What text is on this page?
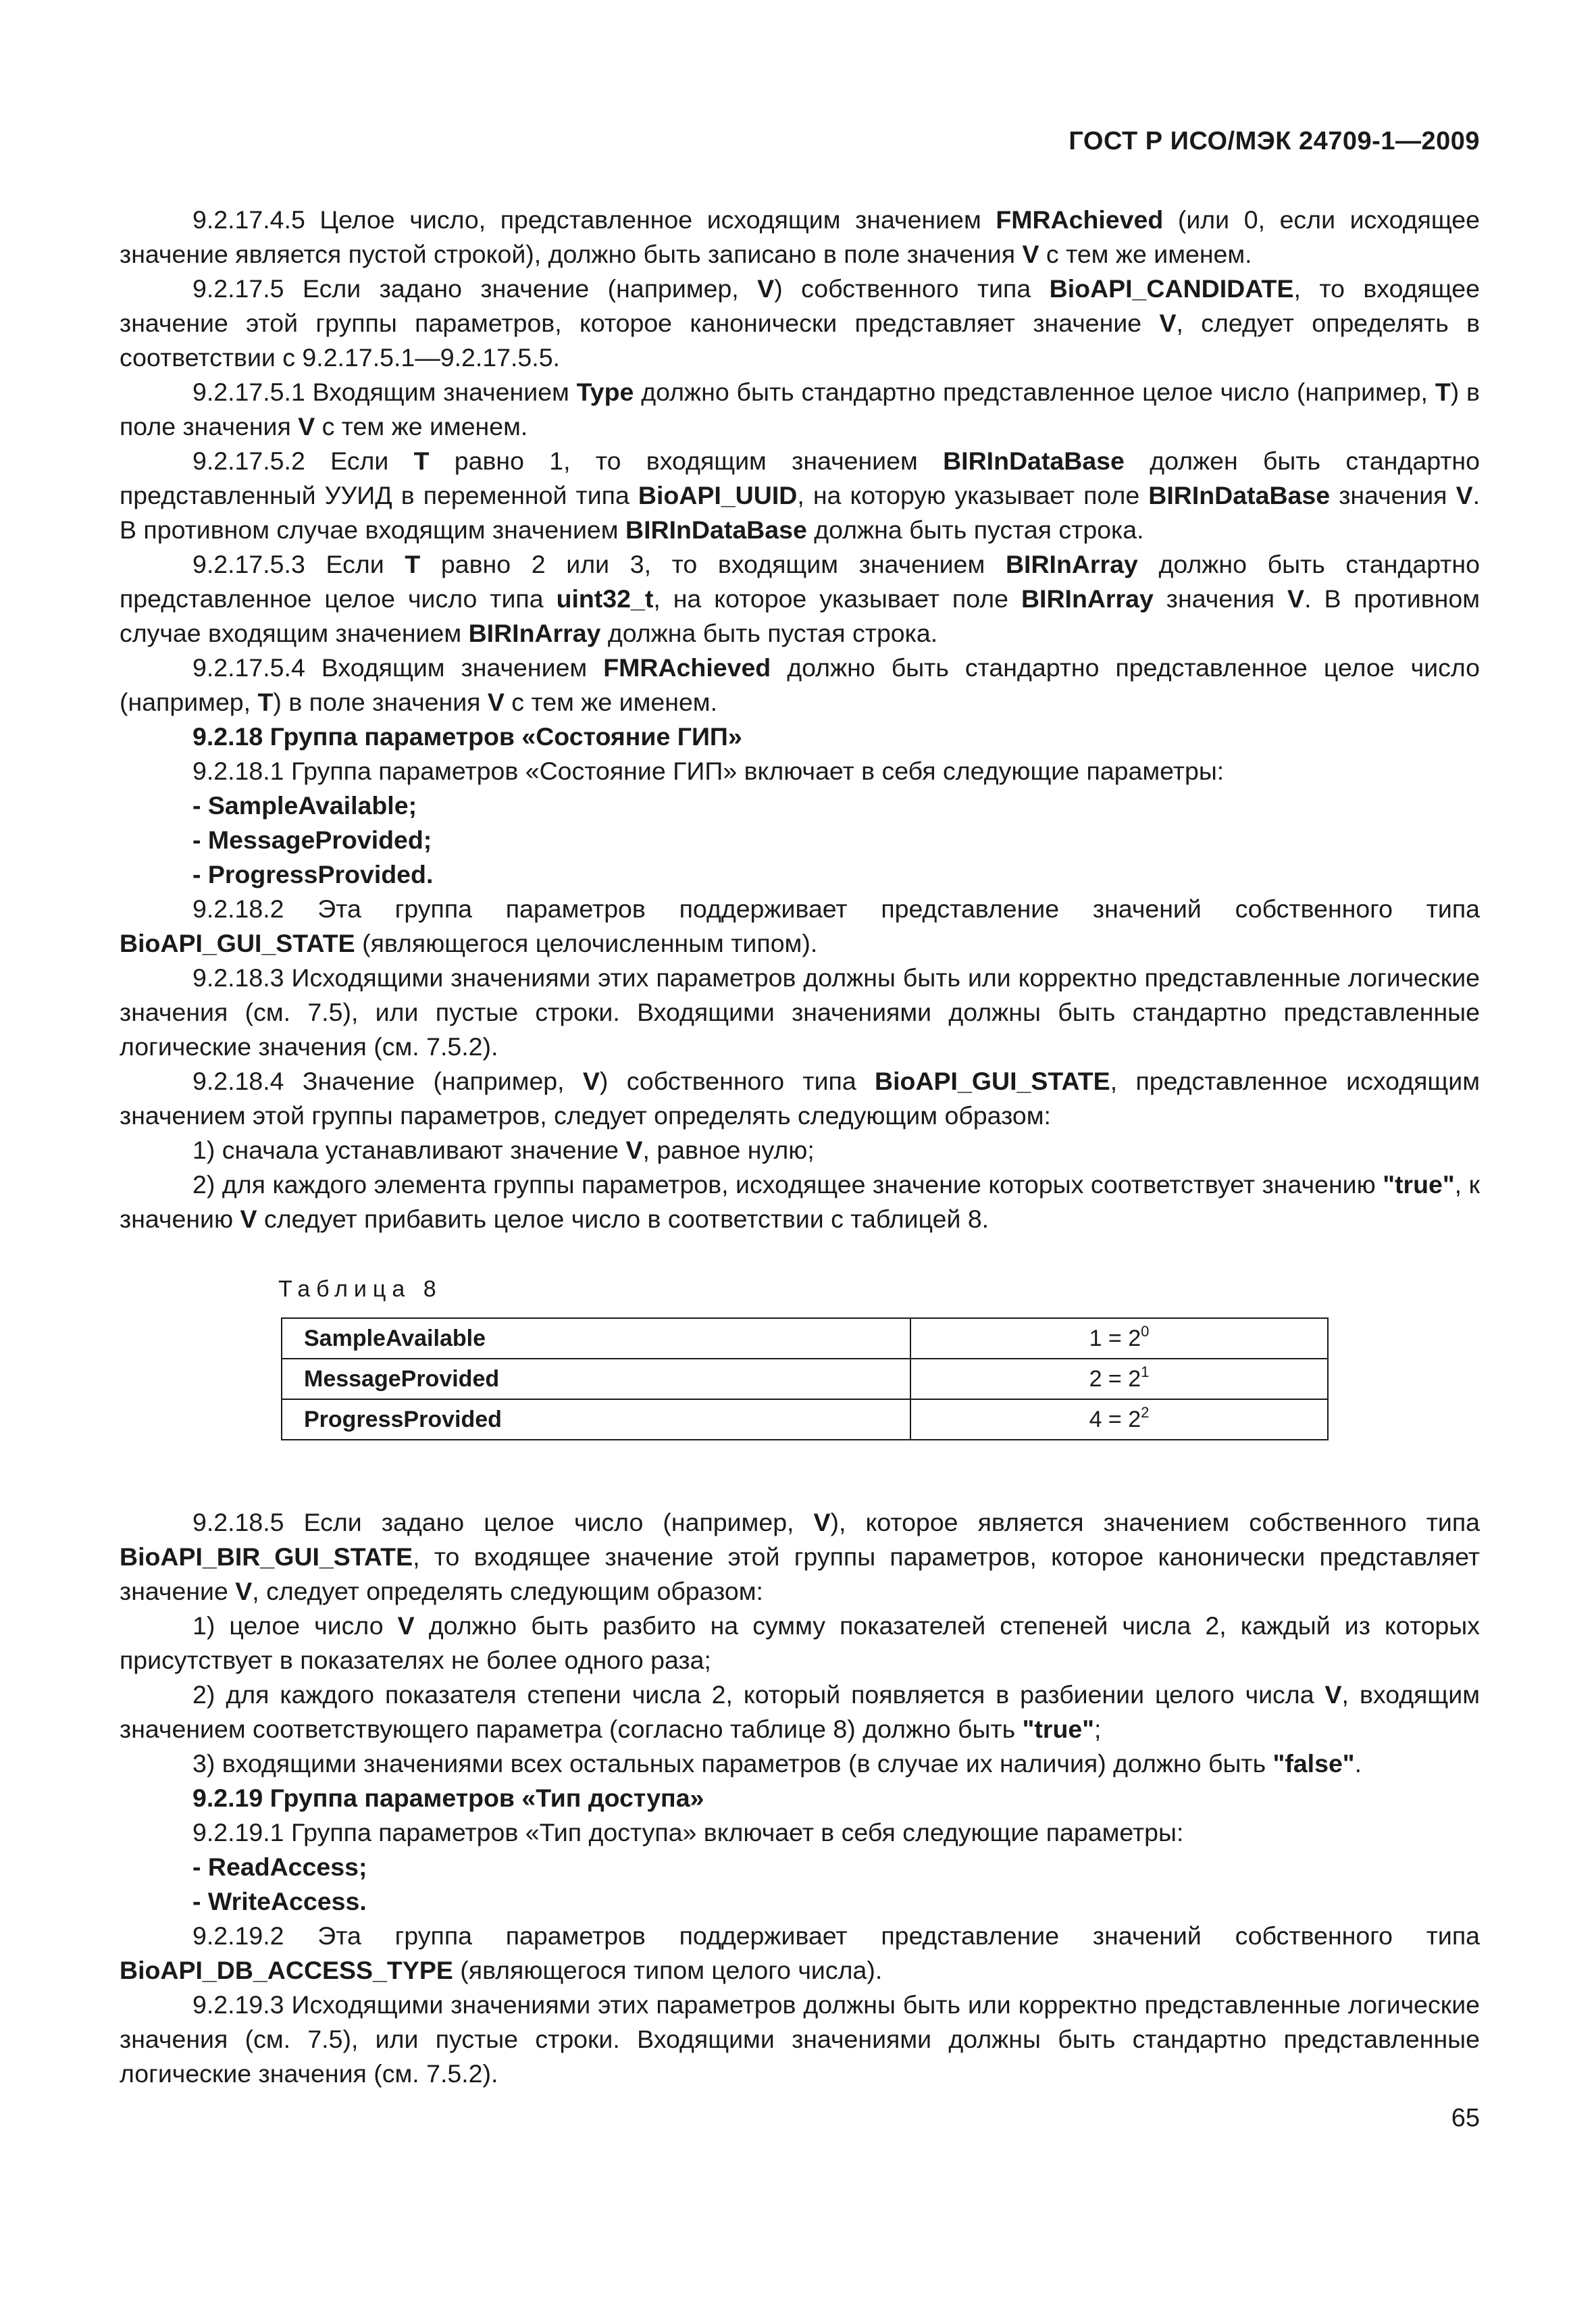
ГОСТ Р ИСО/МЭК 24709-1—2009

9.2.17.4.5 Целое число, представленное исходящим значением FMRAchieved (или 0, если исходящее значение является пустой строкой), должно быть записано в поле значения V с тем же именем.

9.2.17.5 Если задано значение (например, V) собственного типа BioAPI_CANDIDATE, то входящее значение этой группы параметров, которое канонически представляет значение V, следует определять в соответствии с 9.2.17.5.1—9.2.17.5.5.

9.2.17.5.1 Входящим значением Type должно быть стандартно представленное целое число (например, T) в поле значения V с тем же именем.

9.2.17.5.2 Если T равно 1, то входящим значением BIRInDataBase должен быть стандартно представленный УУИД в переменной типа BioAPI_UUID, на которую указывает поле BIRInDataBase значения V. В противном случае входящим значением BIRInDataBase должна быть пустая строка.

9.2.17.5.3 Если T равно 2 или 3, то входящим значением BIRInArray должно быть стандартно представленное целое число типа uint32_t, на которое указывает поле BIRInArray значения V. В противном случае входящим значением BIRInArray должна быть пустая строка.

9.2.17.5.4 Входящим значением FMRAchieved должно быть стандартно представленное целое число (например, T) в поле значения V с тем же именем.

9.2.18 Группа параметров «Состояние ГИП»

9.2.18.1 Группа параметров «Состояние ГИП» включает в себя следующие параметры:

- SampleAvailable;

- MessageProvided;

- ProgressProvided.

9.2.18.2 Эта группа параметров поддерживает представление значений собственного типа BioAPI_GUI_STATE (являющегося целочисленным типом).

9.2.18.3 Исходящими значениями этих параметров должны быть или корректно представленные логические значения (см. 7.5), или пустые строки. Входящими значениями должны быть стандартно представленные логические значения (см. 7.5.2).

9.2.18.4 Значение (например, V) собственного типа BioAPI_GUI_STATE, представленное исходящим значением этой группы параметров, следует определять следующим образом:

1) сначала устанавливают значение V, равное нулю;

2) для каждого элемента группы параметров, исходящее значение которых соответствует значению "true", к значению V следует прибавить целое число в соответствии с таблицей 8.

Таблица 8
SampleAvailable	$1 = 2^0$
MessageProvided	$2 = 2^1$
ProgressProvided	$4 = 2^2$

9.2.18.5 Если задано целое число (например, V), которое является значением собственного типа BioAPI_BIR_GUI_STATE, то входящее значение этой группы параметров, которое канонически представляет значение V, следует определять следующим образом:

1) целое число V должно быть разбито на сумму показателей степеней числа 2, каждый из которых присутствует в показателях не более одного раза;

2) для каждого показателя степени числа 2, который появляется в разбиении целого числа V, входящим значением соответствующего параметра (согласно таблице 8) должно быть "true";

3) входящими значениями всех остальных параметров (в случае их наличия) должно быть "false".

9.2.19 Группа параметров «Тип доступа»

9.2.19.1 Группа параметров «Тип доступа» включает в себя следующие параметры:

- ReadAccess;

- WriteAccess.

9.2.19.2 Эта группа параметров поддерживает представление значений собственного типа BioAPI_DB_ACCESS_TYPE (являющегося типом целого числа).

9.2.19.3 Исходящими значениями этих параметров должны быть или корректно представленные логические значения (см. 7.5), или пустые строки. Входящими значениями должны быть стандартно представленные логические значения (см. 7.5.2).

65
